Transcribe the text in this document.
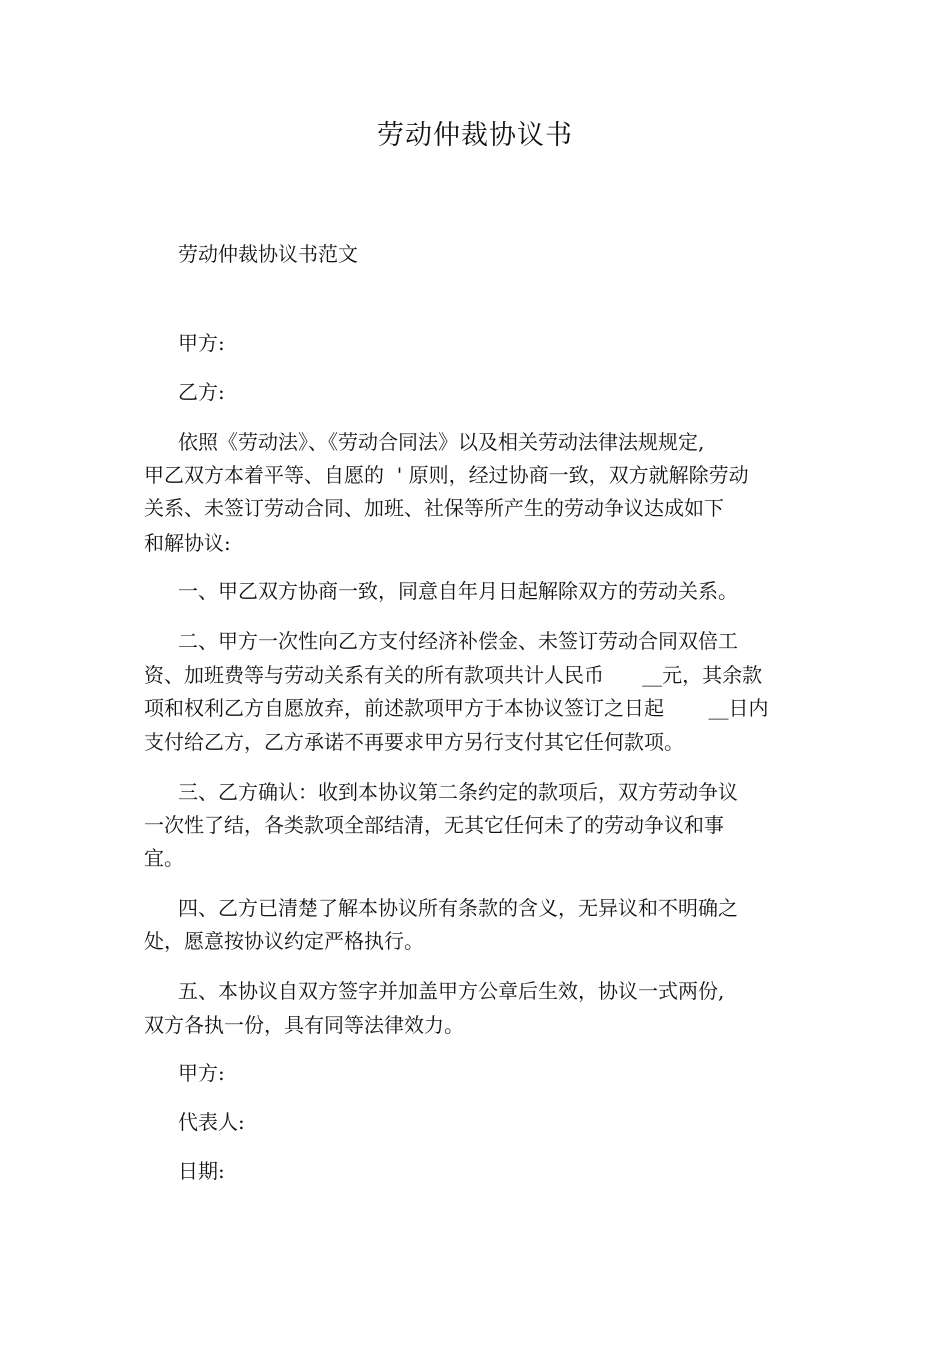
劳动仲裁协议书
劳动仲裁协议书范文
甲方:
乙方:
依照《劳动法》、《劳动合同法》以及相关劳动法律法规规定,
甲乙双方本着平等、自愿的  ' 原则，经过协商一致，双方就解除劳动
关系、未签订劳动合同、加班、社保等所产生的劳动争议达成如下
和解协议:
一、甲乙双方协商一致，同意自年月日起解除双方的劳动关系。
二、甲方一次性向乙方支付经济补偿金、未签订劳动合同双倍工
资、加班费等与劳动关系有关的所有款项共计人民币      __元，其余款
项和权利乙方自愿放弃，前述款项甲方于本协议签订之日起       __日内
支付给乙方，乙方承诺不再要求甲方另行支付其它任何款项。
三、乙方确认：收到本协议第二条约定的款项后，双方劳动争议
一次性了结，各类款项全部结清，无其它任何未了的劳动争议和事
宜。
四、乙方已清楚了解本协议所有条款的含义，无异议和不明确之
处，愿意按协议约定严格执行。
五、本协议自双方签字并加盖甲方公章后生效，协议一式两份,
双方各执一份，具有同等法律效力。
甲方:
代表人:
日期:
